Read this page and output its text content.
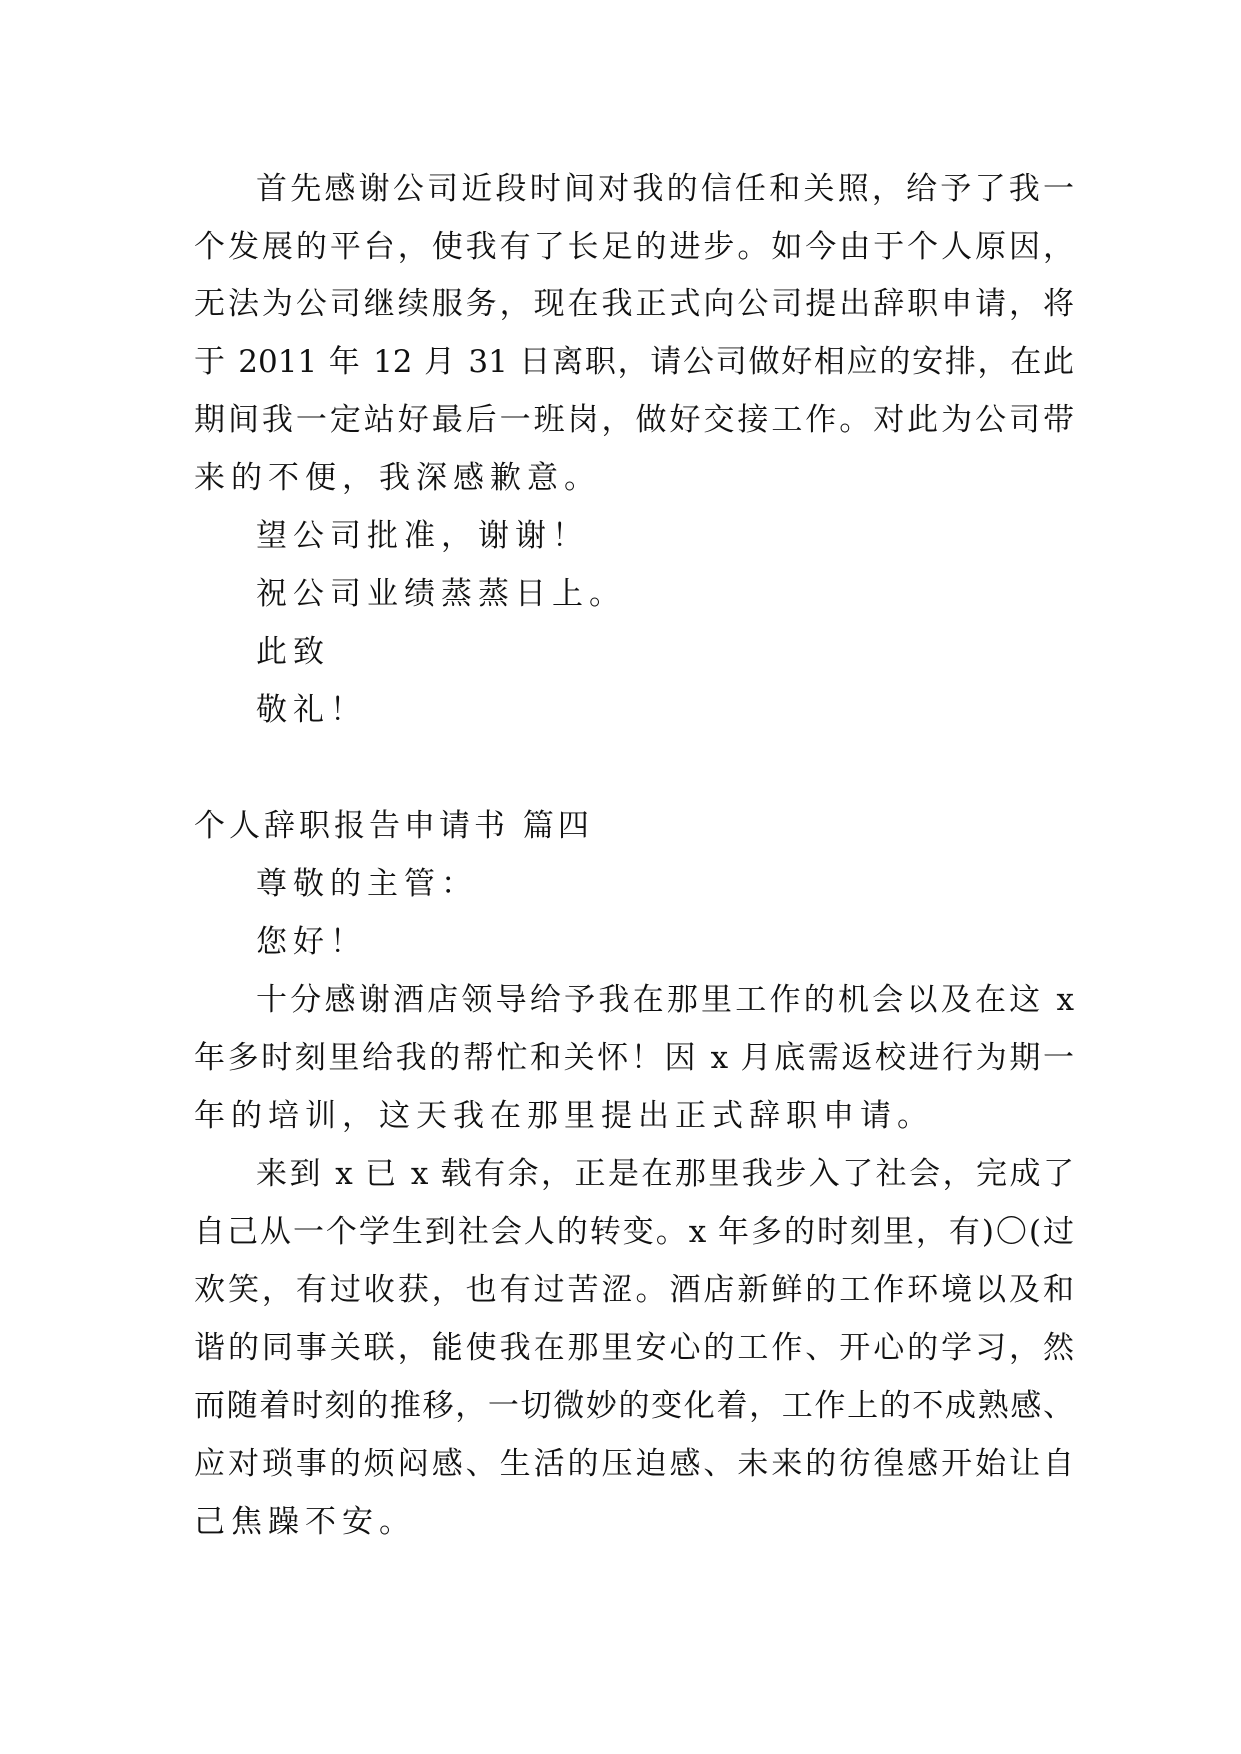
首先感谢公司近段时间对我的信任和关照，给予了我一
个发展的平台，使我有了长足的进步。如今由于个人原因，
无法为公司继续服务，现在我正式向公司提出辞职申请，将
于 2011 年 12 月 31 日离职，请公司做好相应的安排，在此
期间我一定站好最后一班岗，做好交接工作。对此为公司带
来的不便，我深感歉意。
望公司批准，谢谢！
祝公司业绩蒸蒸日上。
此致
敬礼！
个人辞职报告申请书 篇四
尊敬的主管：
您好！
十分感谢酒店领导给予我在那里工作的机会以及在这 x
年多时刻里给我的帮忙和关怀！因 x 月底需返校进行为期一
年的培训，这天我在那里提出正式辞职申请。
来到 x 已 x 载有余，正是在那里我步入了社会，完成了
自己从一个学生到社会人的转变。x 年多的时刻里，有)〇(过
欢笑，有过收获，也有过苦涩。酒店新鲜的工作环境以及和
谐的同事关联，能使我在那里安心的工作、开心的学习，然
而随着时刻的推移，一切微妙的变化着，工作上的不成熟感、
应对琐事的烦闷感、生活的压迫感、未来的彷徨感开始让自
己焦躁不安。
